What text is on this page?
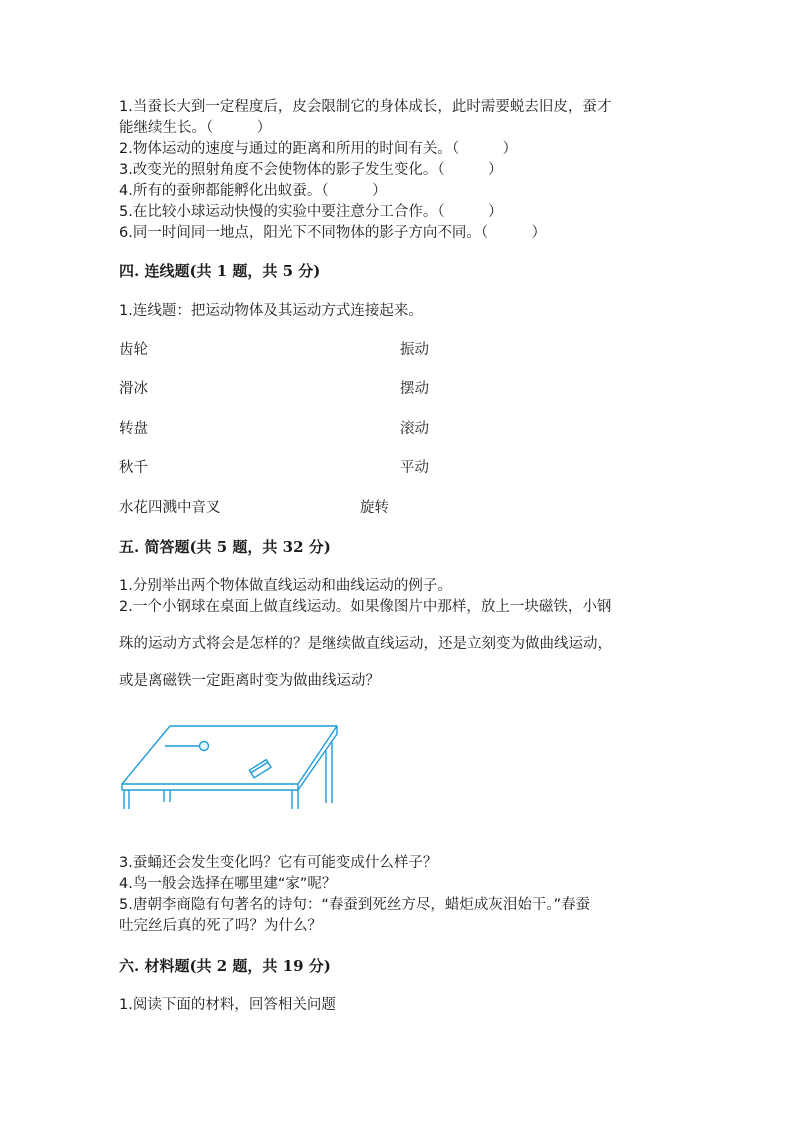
1.当蚕长大到一定程度后，皮会限制它的身体成长，此时需要蜕去旧皮，蚕才
能继续生长。（　　　）
2.物体运动的速度与通过的距离和所用的时间有关。（　　　）
3.改变光的照射角度不会使物体的影子发生变化。（　　　）
4.所有的蚕卵都能孵化出蚁蚕。（　　　）
5.在比较小球运动快慢的实验中要注意分工合作。（　　　）
6.同一时间同一地点，阳光下不同物体的影子方向不同。（　　　）
四. 连线题(共 1 题，共 5 分)
1.连线题：把运动物体及其运动方式连接起来。
齿轮	振动
滑冰	摆动
转盘	滚动
秋千	平动
水花四溅中音叉	旋转
五. 简答题(共 5 题，共 32 分)
1.分别举出两个物体做直线运动和曲线运动的例子。
2.一个小钢球在桌面上做直线运动。如果像图片中那样，放上一块磁铁，小钢
珠的运动方式将会是怎样的？是继续做直线运动，还是立刻变为做曲线运动，
或是离磁铁一定距离时变为做曲线运动？
3.蚕蛹还会发生变化吗？它有可能变成什么样子？
4.鸟一般会选择在哪里建“家”呢？
5.唐朝李商隐有句著名的诗句：“春蚕到死丝方尽，蜡炬成灰泪始干。”春蚕
吐完丝后真的死了吗？为什么？
六. 材料题(共 2 题，共 19 分)
1.阅读下面的材料，回答相关问题
